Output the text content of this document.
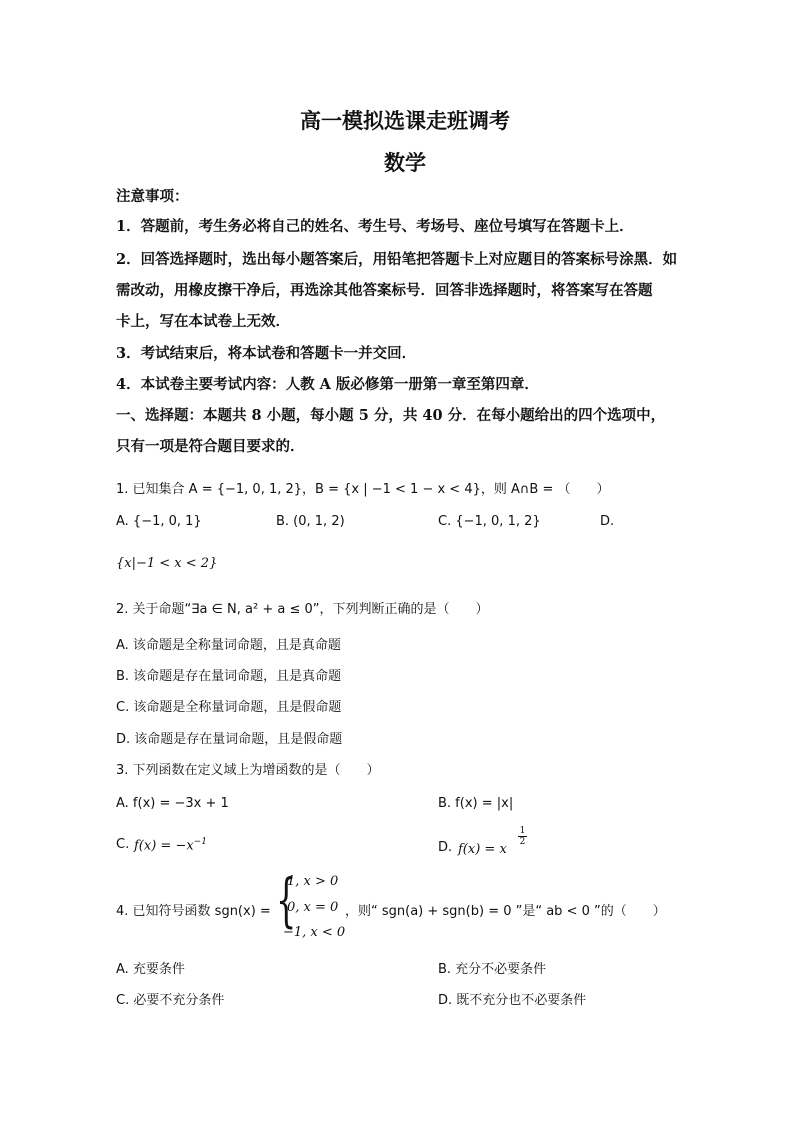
高一模拟选课走班调考
数学
注意事项：
1．答题前，考生务必将自己的姓名、考生号、考场号、座位号填写在答题卡上．
2．回答选择题时，选出每小题答案后，用铅笔把答题卡上对应题目的答案标号涂黑．如
需改动，用橡皮擦干净后，再选涂其他答案标号．回答非选择题时，将答案写在答题
卡上，写在本试卷上无效．
3．考试结束后，将本试卷和答题卡一并交回．
4．本试卷主要考试内容：人教 A 版必修第一册第一章至第四章．
一、选择题：本题共 8 小题，每小题 5 分，共 40 分．在每小题给出的四个选项中，
只有一项是符合题目要求的．
1. 已知集合 A = {−1, 0, 1, 2}，B = {x | −1 < 1 − x < 4}，则 A∩B = （　　）
A. {−1, 0, 1}	B. (0, 1, 2)	C. {−1, 0, 1, 2}	D.
{x|−1 < x < 2}
2. 关于命题“∃a ∈ N, a² + a ≤ 0”，下列判断正确的是（　　）
A. 该命题是全称量词命题，且是真命题
B. 该命题是存在量词命题，且是真命题
C. 该命题是全称量词命题，且是假命题
D. 该命题是存在量词命题，且是假命题
3. 下列函数在定义域上为增函数的是（　　）
A. f(x) = −3x + 1	B. f(x) = |x|
C. $f(x) = -x^{-1}$	D. f(x) = x
$\frac{1}{2}$
4. 已知符号函数 sgn(x) = {
1, x > 0
0, x = 0
−1, x < 0
，则“ sgn(a) + sgn(b) = 0 ”是“ ab < 0 ”的（　　）
A. 充要条件	B. 充分不必要条件
C. 必要不充分条件	D. 既不充分也不必要条件
